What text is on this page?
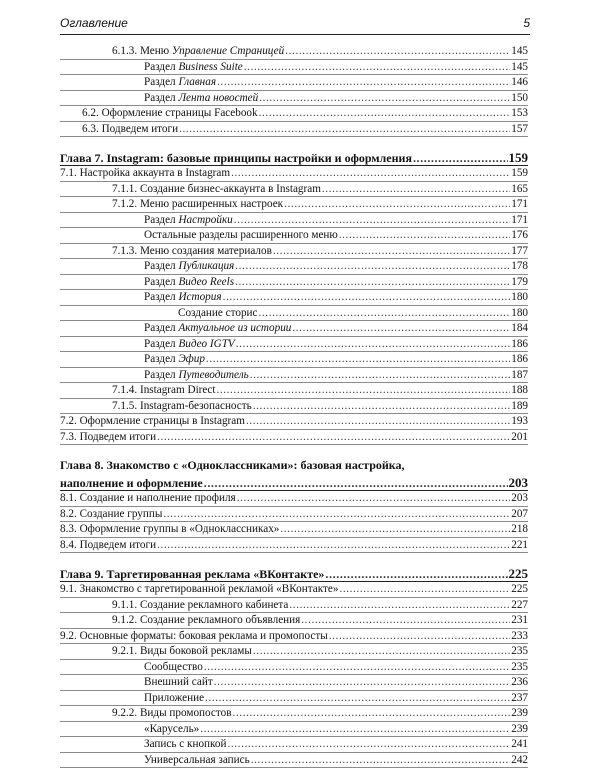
Оглавление	5
6.1.3. Меню Управление Страницей .....	145
Раздел Business Suite .....	145
Раздел Главная .....	146
Раздел Лента новостей .....	150
6.2. Оформление страницы Facebook .....	153
6.3. Подведем итоги .....	157
Глава 7. Instagram: базовые принципы настройки и оформления .....	159
7.1. Настройка аккаунта в Instagram .....	159
7.1.1. Создание бизнес-аккаунта в Instagram .....	165
7.1.2. Меню расширенных настроек .....	171
Раздел Настройки .....	171
Остальные разделы расширенного меню .....	176
7.1.3. Меню создания материалов .....	177
Раздел Публикация .....	178
Раздел Видео Reels .....	179
Раздел История .....	180
Создание сторис .....	180
Раздел Актуальное из истории .....	184
Раздел Видео IGTV .....	186
Раздел Эфир .....	186
Раздел Путеводитель .....	187
7.1.4. Instagram Direct .....	188
7.1.5. Instagram-безопасность .....	189
7.2. Оформление страницы в Instagram .....	193
7.3. Подведем итоги .....	201
Глава 8. Знакомство с «Одноклассниками»: базовая настройка,
наполнение и оформление .....	203
8.1. Создание и наполнение профиля .....	203
8.2. Создание группы .....	207
8.3. Оформление группы в «Одноклассниках» .....	218
8.4. Подведем итоги .....	221
Глава 9. Таргетированная реклама «ВКонтакте» .....	225
9.1. Знакомство с таргетированной рекламой «ВКонтакте» .....	225
9.1.1. Создание рекламного кабинета .....	227
9.1.2. Создание рекламного объявления .....	231
9.2. Основные форматы: боковая реклама и промопосты .....	233
9.2.1. Виды боковой рекламы .....	235
Сообщество .....	235
Внешний сайт .....	236
Приложение .....	237
9.2.2. Виды промопостов .....	239
«Карусель» .....	239
Запись с кнопкой .....	241
Универсальная запись .....	242
